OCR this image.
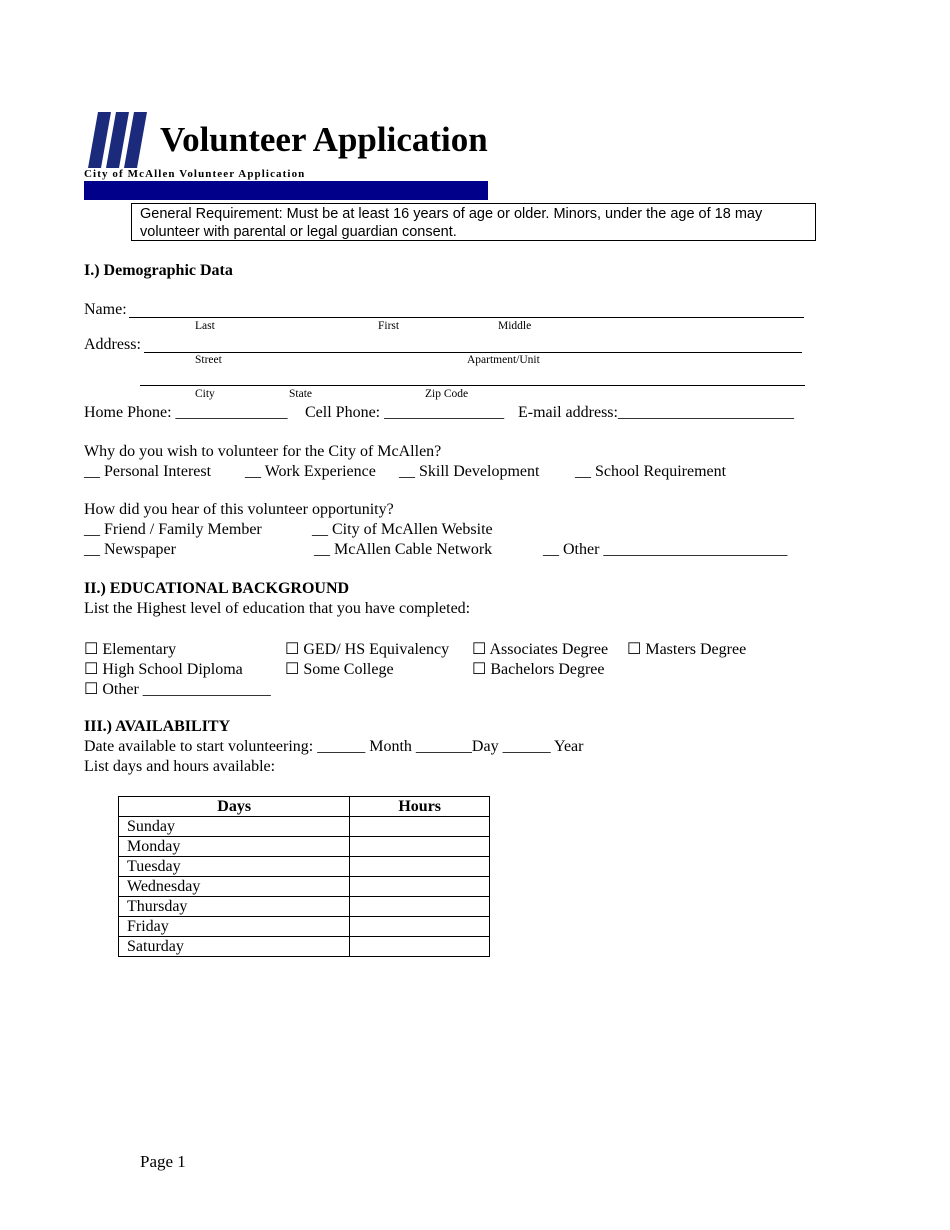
Volunteer Application
City of McAllen Volunteer Application
General Requirement: Must be at least 16 years of age or older. Minors, under the age of 18 may volunteer with parental or legal guardian consent.
I.) Demographic Data
Name:
Last	First	Middle
Address:
Street	Apartment/Unit
City	State	Zip Code
Home Phone: ______________ Cell Phone: _______________ E-mail address:______________________
Why do you wish to volunteer for the City of McAllen?
__ Personal Interest __ Work Experience __ Skill Development __ School Requirement
How did you hear of this volunteer opportunity?
__ Friend / Family Member	__ City of McAllen Website
__ Newspaper	__ McAllen Cable Network	__ Other _______________________
II.) EDUCATIONAL BACKGROUND
List the Highest level of education that you have completed:
☐ Elementary	☐ GED/ HS Equivalency ☐ Associates Degree ☐ Masters Degree
☐ High School Diploma	☐ Some College	☐ Bachelors Degree
☐ Other ________________
III.) AVAILABILITY
Date available to start volunteering: ______ Month _______Day ______ Year
List days and hours available:
Days	Hours
Sunday	
Monday	
Tuesday	
Wednesday	
Thursday	
Friday	
Saturday	
Page 1
